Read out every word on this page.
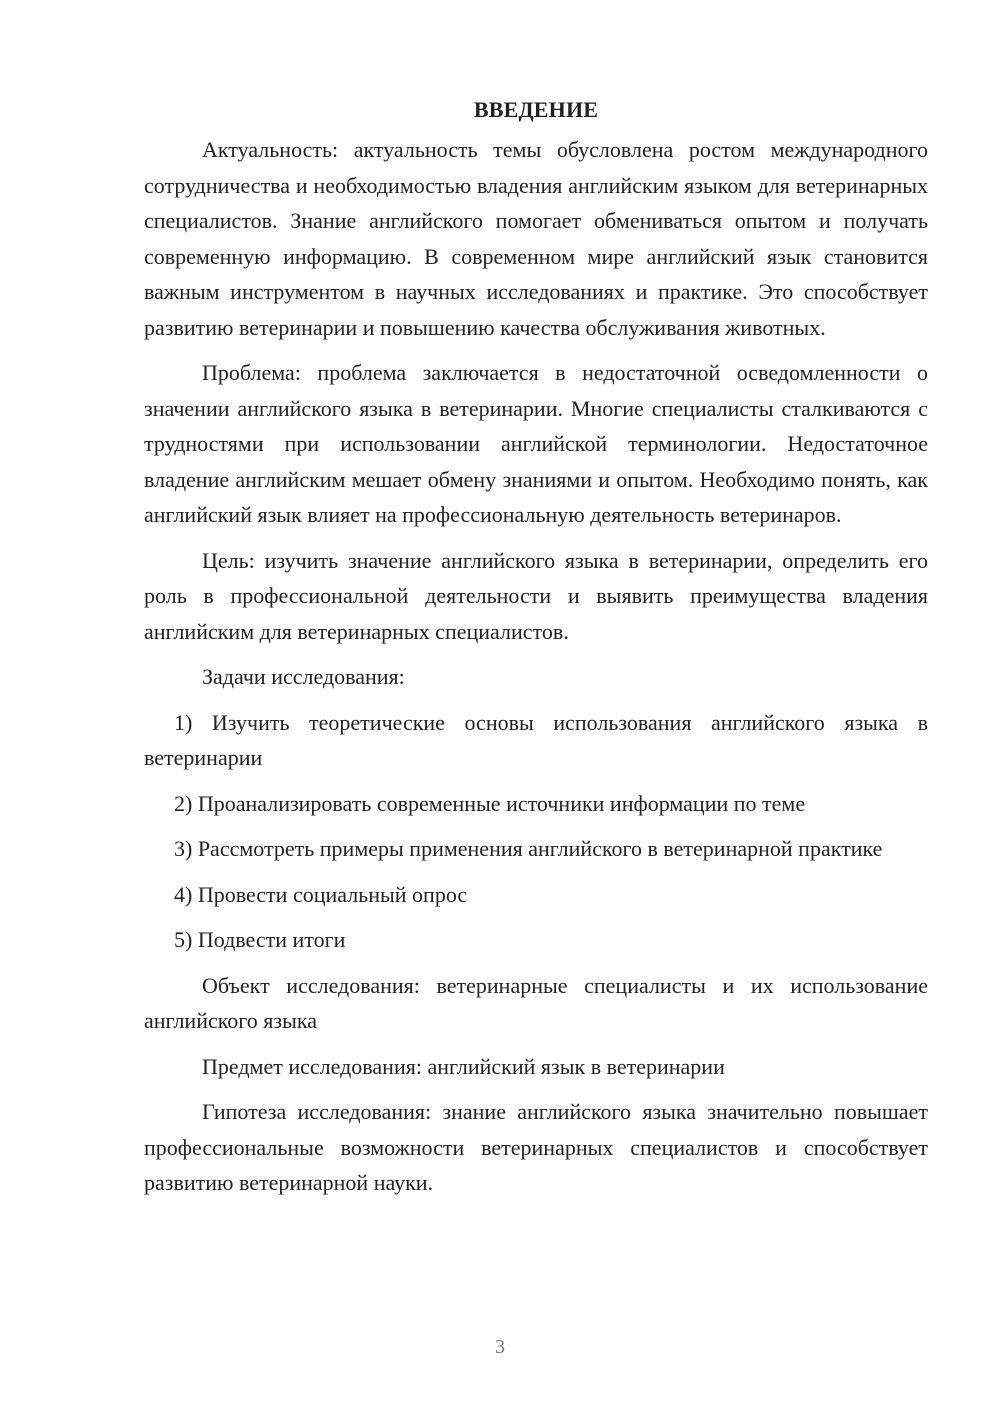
ВВЕДЕНИЕ

Актуальность: актуальность темы обусловлена ростом международного сотрудничества и необходимостью владения английским языком для ветеринарных специалистов. Знание английского помогает обмениваться опытом и получать современную информацию. В современном мире английский язык становится важным инструментом в научных исследованиях и практике. Это способствует развитию ветеринарии и повышению качества обслуживания животных.

Проблема: проблема заключается в недостаточной осведомленности о значении английского языка в ветеринарии. Многие специалисты сталкиваются с трудностями при использовании английской терминологии. Недостаточное владение английским мешает обмену знаниями и опытом. Необходимо понять, как английский язык влияет на профессиональную деятельность ветеринаров.

Цель: изучить значение английского языка в ветеринарии, определить его роль в профессиональной деятельности и выявить преимущества владения английским для ветеринарных специалистов.

Задачи исследования:

1) Изучить теоретические основы использования английского языка в ветеринарии

2) Проанализировать современные источники информации по теме

3) Рассмотреть примеры применения английского в ветеринарной практике

4) Провести социальный опрос

5) Подвести итоги

Объект исследования: ветеринарные специалисты и их использование английского языка

Предмет исследования: английский язык в ветеринарии

Гипотеза исследования: знание английского языка значительно повышает профессиональные возможности ветеринарных специалистов и способствует развитию ветеринарной науки.

3
